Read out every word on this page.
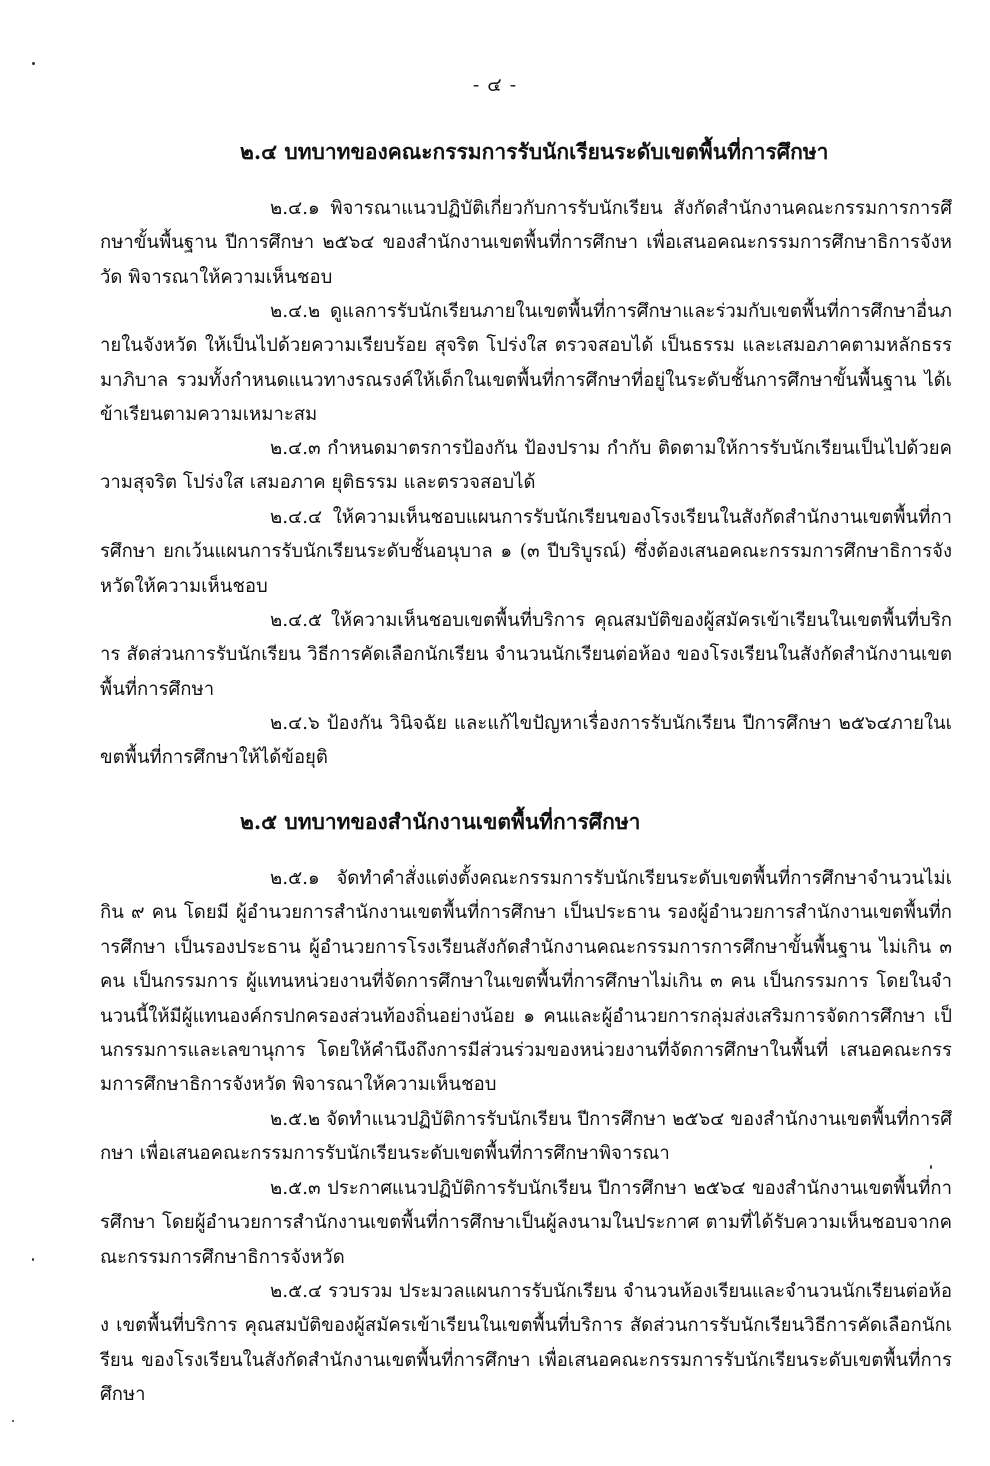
- ๔ -
๒.๔ บทบาทของคณะกรรมการรับนักเรียนระดับเขตพื้นที่การศึกษา

๒.๔.๑ พิจารณาแนวปฏิบัติเกี่ยวกับการรับนักเรียน สังกัดสำนักงานคณะกรรมการการศึกษาขั้นพื้นฐาน ปีการศึกษา ๒๕๖๔ ของสำนักงานเขตพื้นที่การศึกษา เพื่อเสนอคณะกรรมการศึกษาธิการจังหวัด พิจารณาให้ความเห็นชอบ

๒.๔.๒ ดูแลการรับนักเรียนภายในเขตพื้นที่การศึกษาและร่วมกับเขตพื้นที่การศึกษาอื่นภายในจังหวัด ให้เป็นไปด้วยความเรียบร้อย สุจริต โปร่งใส ตรวจสอบได้ เป็นธรรม และเสมอภาคตามหลักธรรมาภิบาล รวมทั้งกำหนดแนวทางรณรงค์ให้เด็กในเขตพื้นที่การศึกษาที่อยู่ในระดับชั้นการศึกษาขั้นพื้นฐาน ได้เข้าเรียนตามความเหมาะสม

๒.๔.๓ กำหนดมาตรการป้องกัน ป้องปราม กำกับ ติดตามให้การรับนักเรียนเป็นไปด้วยความสุจริต โปร่งใส เสมอภาค ยุติธรรม และตรวจสอบได้

๒.๔.๔ ให้ความเห็นชอบแผนการรับนักเรียนของโรงเรียนในสังกัดสำนักงานเขตพื้นที่การศึกษา ยกเว้นแผนการรับนักเรียนระดับชั้นอนุบาล ๑ (๓ ปีบริบูรณ์) ซึ่งต้องเสนอคณะกรรมการศึกษาธิการจังหวัดให้ความเห็นชอบ

๒.๔.๕ ให้ความเห็นชอบเขตพื้นที่บริการ คุณสมบัติของผู้สมัครเข้าเรียนในเขตพื้นที่บริการ สัดส่วนการรับนักเรียน วิธีการคัดเลือกนักเรียน จำนวนนักเรียนต่อห้อง ของโรงเรียนในสังกัดสำนักงานเขตพื้นที่การศึกษา

๒.๔.๖ ป้องกัน วินิจฉัย และแก้ไขปัญหาเรื่องการรับนักเรียน ปีการศึกษา ๒๕๖๔ภายในเขตพื้นที่การศึกษาให้ได้ข้อยุติ

๒.๕ บทบาทของสำนักงานเขตพื้นที่การศึกษา

๒.๕.๑ จัดทำคำสั่งแต่งตั้งคณะกรรมการรับนักเรียนระดับเขตพื้นที่การศึกษาจำนวนไม่เกิน ๙ คน โดยมี ผู้อำนวยการสำนักงานเขตพื้นที่การศึกษา เป็นประธาน รองผู้อำนวยการสำนักงานเขตพื้นที่การศึกษา เป็นรองประธาน ผู้อำนวยการโรงเรียนสังกัดสำนักงานคณะกรรมการการศึกษาขั้นพื้นฐาน ไม่เกิน ๓ คน เป็นกรรมการ ผู้แทนหน่วยงานที่จัดการศึกษาในเขตพื้นที่การศึกษาไม่เกิน ๓ คน เป็นกรรมการ โดยในจำนวนนี้ให้มีผู้แทนองค์กรปกครองส่วนท้องถิ่นอย่างน้อย ๑ คนและผู้อำนวยการกลุ่มส่งเสริมการจัดการศึกษา เป็นกรรมการและเลขานุการ โดยให้คำนึงถึงการมีส่วนร่วมของหน่วยงานที่จัดการศึกษาในพื้นที่ เสนอคณะกรรมการศึกษาธิการจังหวัด พิจารณาให้ความเห็นชอบ

๒.๕.๒ จัดทำแนวปฏิบัติการรับนักเรียน ปีการศึกษา ๒๕๖๔ ของสำนักงานเขตพื้นที่การศึกษา เพื่อเสนอคณะกรรมการรับนักเรียนระดับเขตพื้นที่การศึกษาพิจารณา

๒.๕.๓ ประกาศแนวปฏิบัติการรับนักเรียน ปีการศึกษา ๒๕๖๔ ของสำนักงานเขตพื้นที่การศึกษา โดยผู้อำนวยการสำนักงานเขตพื้นที่การศึกษาเป็นผู้ลงนามในประกาศ ตามที่ได้รับความเห็นชอบจากคณะกรรมการศึกษาธิการจังหวัด

๒.๕.๔ รวบรวม ประมวลแผนการรับนักเรียน จำนวนห้องเรียนและจำนวนนักเรียนต่อห้อง เขตพื้นที่บริการ คุณสมบัติของผู้สมัครเข้าเรียนในเขตพื้นที่บริการ สัดส่วนการรับนักเรียนวิธีการคัดเลือกนักเรียน ของโรงเรียนในสังกัดสำนักงานเขตพื้นที่การศึกษา เพื่อเสนอคณะกรรมการรับนักเรียนระดับเขตพื้นที่การศึกษา
